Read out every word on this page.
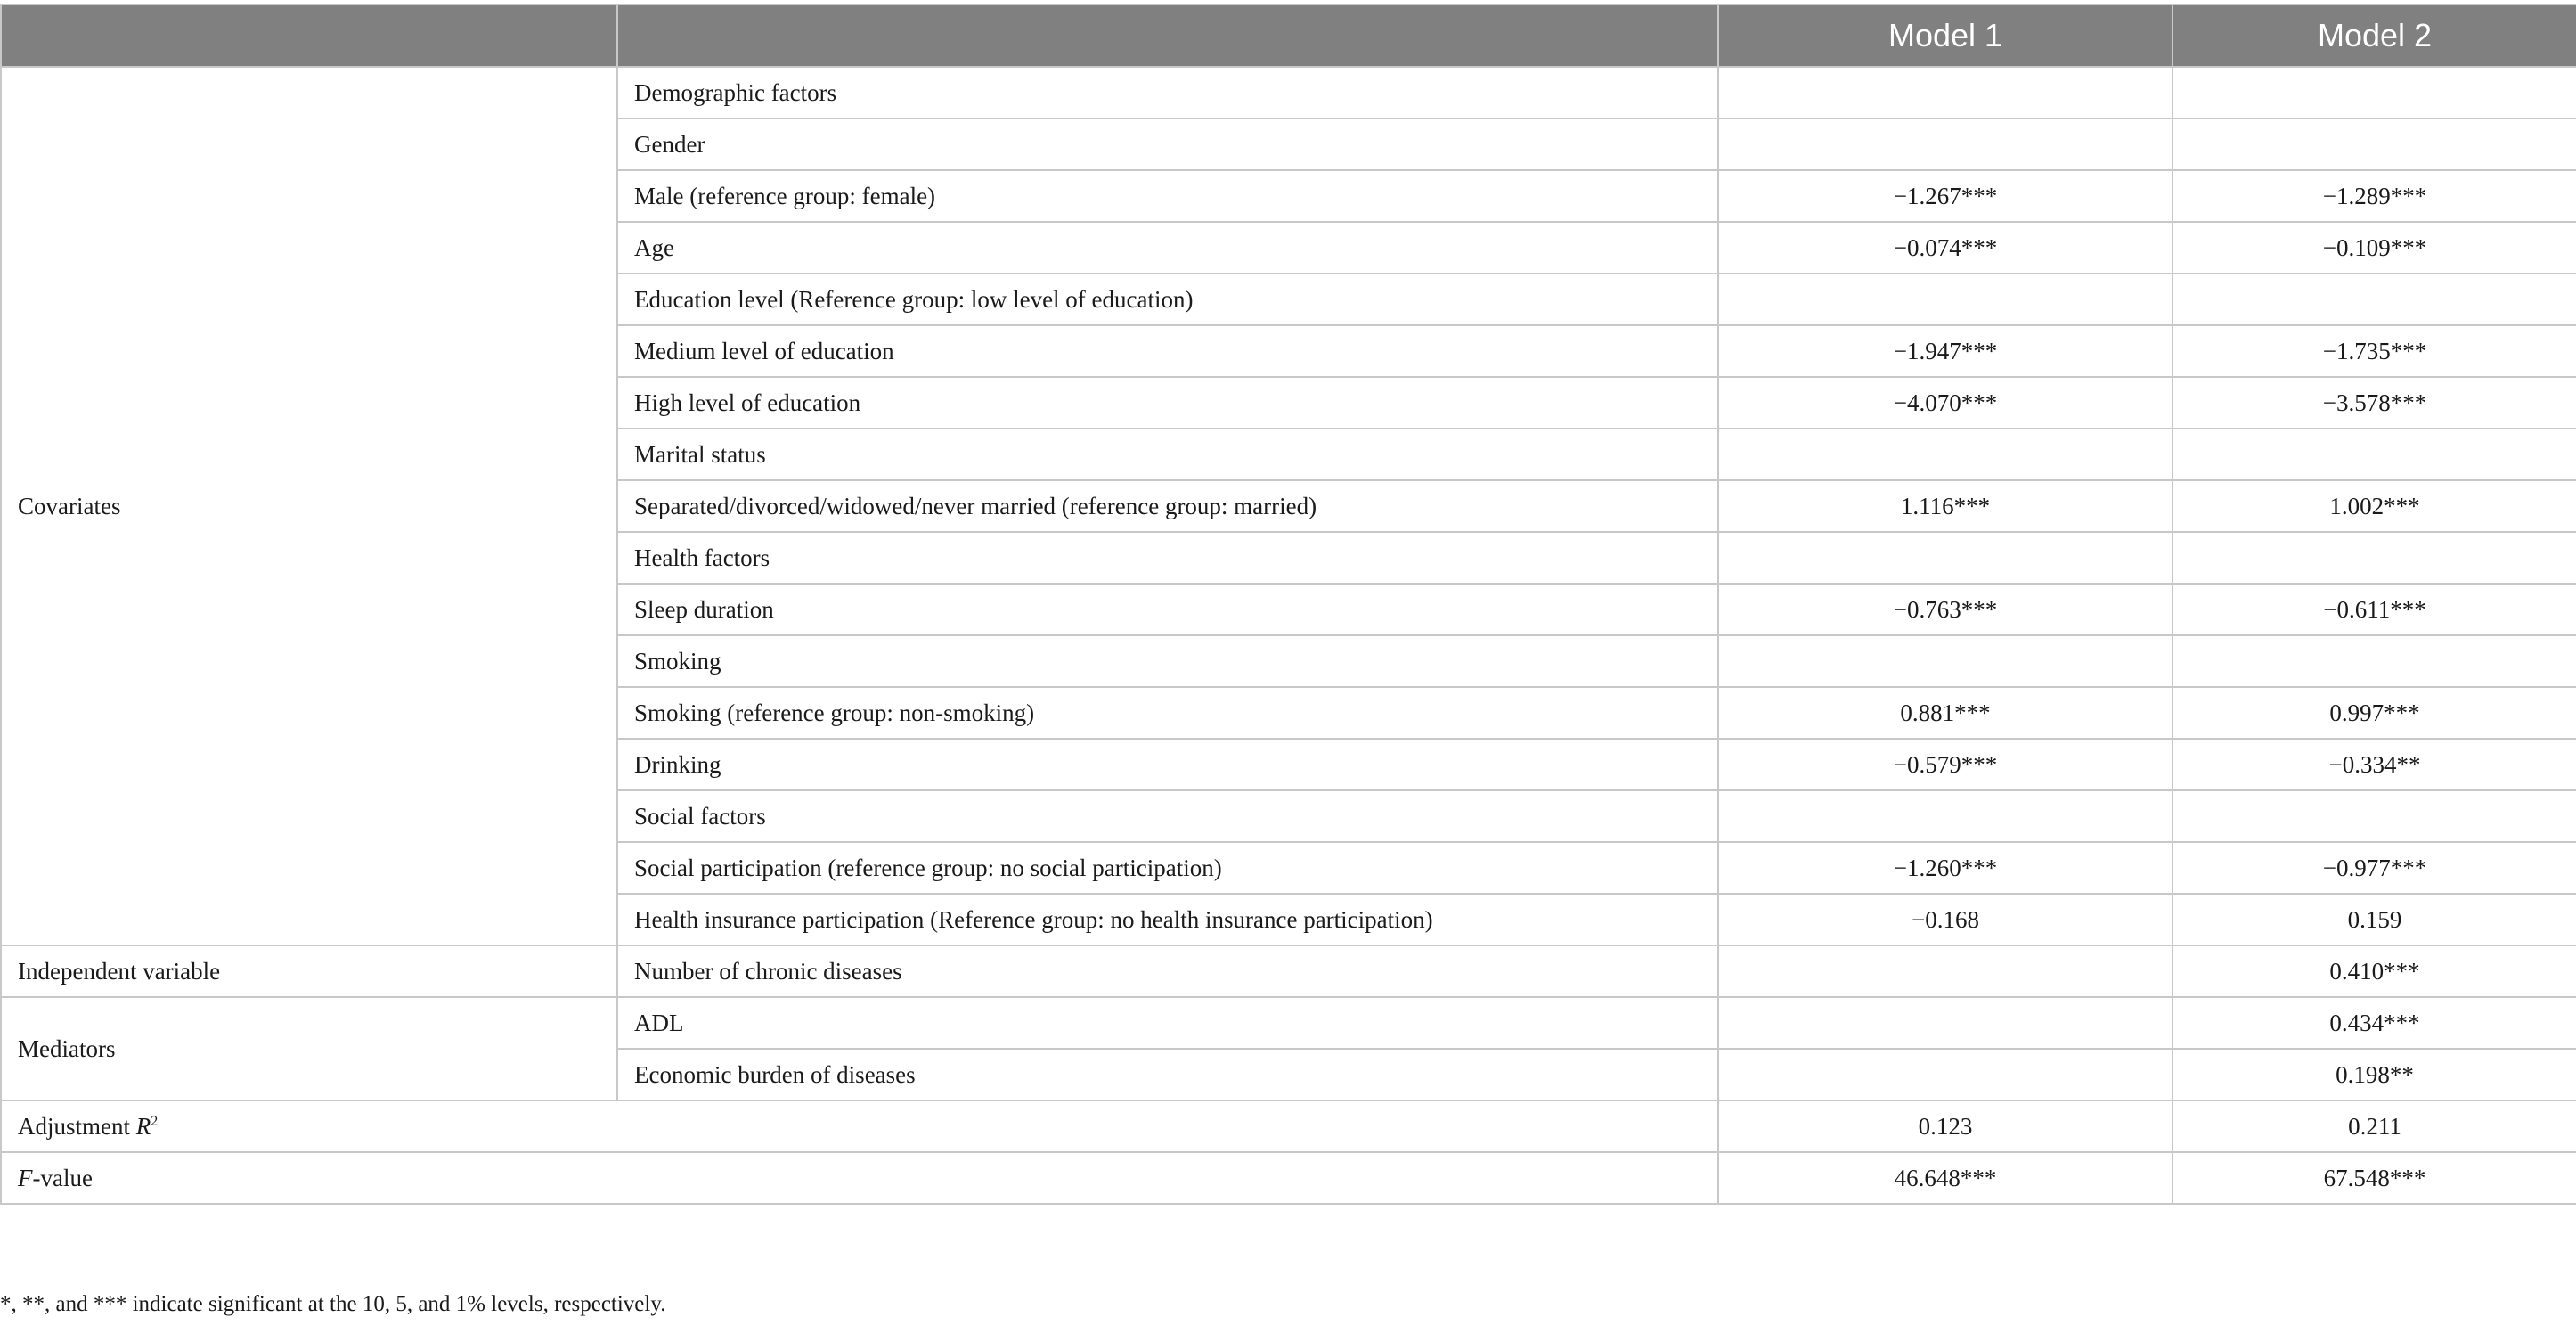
		Model 1	Model 2
Covariates	Demographic factors		
	Gender		
	Male (reference group: female)	−1.267***	−1.289***
	Age	−0.074***	−0.109***
	Education level (Reference group: low level of education)		
	Medium level of education	−1.947***	−1.735***
	High level of education	−4.070***	−3.578***
	Marital status		
	Separated/divorced/widowed/never married (reference group: married)	1.116***	1.002***
	Health factors		
	Sleep duration	−0.763***	−0.611***
	Smoking		
	Smoking (reference group: non-smoking)	0.881***	0.997***
	Drinking	−0.579***	−0.334**
	Social factors		
	Social participation (reference group: no social participation)	−1.260***	−0.977***
	Health insurance participation (Reference group: no health insurance participation)	−0.168	0.159
Independent variable	Number of chronic diseases		0.410***
Mediators	ADL		0.434***
	Economic burden of diseases		0.198**
Adjustment $R^2$		0.123	0.211
F-value		46.648***	67.548***
*, **, and *** indicate significant at the 10, 5, and 1% levels, respectively.
